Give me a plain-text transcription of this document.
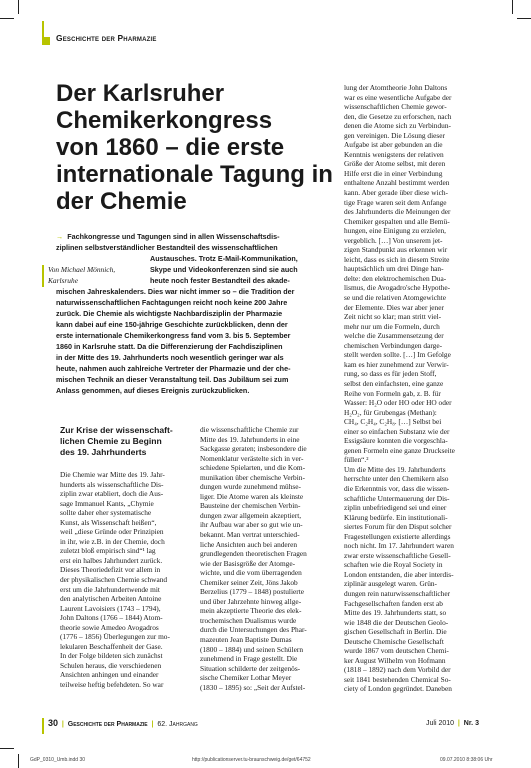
Geschichte der Pharmazie
Der Karlsruher
Chemikerkongress
von 1860 – die erste
internationale Tagung in
der Chemie
→ Fachkongresse und Tagungen sind in allen Wissenschaftsdis-
ziplinen selbstverständlicher Bestandteil des wissenschaftlichen
Austausches. Trotz E-Mail-Kommunikation,
Skype und Videokonferenzen sind sie auch
heute noch fester Bestandteil des akade-
mischen Jahreskalenders. Dies war nicht immer so – die Tradition der
naturwissenschaftlichen Fachtagungen reicht noch keine 200 Jahre
zurück. Die Chemie als wichtigste Nachbardisziplin der Pharmazie
kann dabei auf eine 150-jährige Geschichte zurückblicken, denn der
erste internationale Chemikerkongress fand vom 3. bis 5. September
1860 in Karlsruhe statt. Da die Differenzierung der Fachdisziplinen
in der Mitte des 19. Jahrhunderts noch wesentlich geringer war als
heute, nahmen auch zahlreiche Vertreter der Pharmazie und der che-
mischen Technik an dieser Veranstaltung teil. Das Jubiläum sei zum
Anlass genommen, auf dieses Ereignis zurückzublicken.
Von Michael Mönnich,
Karlsruhe
Zur Krise der wissenschaft-
lichen Chemie zu Beginn
des 19. Jahrhunderts
Die Chemie war Mitte des 19. Jahr-
hunderts als wissenschaftliche Dis-
ziplin zwar etabliert, doch die Aus-
sage Immanuel Kants, „Chymie
sollte daher eher systematische
Kunst, als Wissenschaft heißen“,
weil „diese Gründe oder Prinzipien
in ihr, wie z.B. in der Chemie, doch
zuletzt bloß empirisch sind“¹ lag
erst ein halbes Jahrhundert zurück.
Dieses Theoriedefizit vor allem in
der physikalischen Chemie schwand
erst um die Jahrhundertwende mit
den analytischen Arbeiten Antoine
Laurent Lavoisiers (1743 – 1794),
John Daltons (1766 – 1844) Atom-
theorie sowie Amedeo Avogadros
(1776 – 1856) Überlegungen zur mo-
lekularen Beschaffenheit der Gase.
In der Folge bildeten sich zunächst
Schulen heraus, die verschiedenen
Ansichten anhingen und einander
teilweise heftig befehdeten. So war
die wissenschaftliche Chemie zur
Mitte des 19. Jahrhunderts in eine
Sackgasse geraten; insbesondere die
Nomenklatur verästelte sich in ver-
schiedene Spielarten, und die Kom-
munikation über chemische Verbin-
dungen wurde zunehmend mühse-
liger. Die Atome waren als kleinste
Bausteine der chemischen Verbin-
dungen zwar allgemein akzeptiert,
ihr Aufbau war aber so gut wie un-
bekannt. Man vertrat unterschied-
liche Ansichten auch bei anderen
grundlegenden theoretischen Fragen
wie der Basisgröße der Atomge-
wichte, und die vom überragenden
Chemiker seiner Zeit, Jöns Jakob
Berzelius (1779 – 1848) postulierte
und über Jahrzehnte hinweg allge-
mein akzeptierte Theorie des elek-
trochemischen Dualismus wurde
durch die Untersuchungen des Phar-
mazeuten Jean Baptiste Dumas
(1800 – 1884) und seinen Schülern
zunehmend in Frage gestellt. Die
Situation schilderte der zeitgenös-
sische Chemiker Lothar Meyer
(1830 – 1895) so: „Seit der Aufstel-
lung der Atomtheorie John Daltons
war es eine wesentliche Aufgabe der
wissenschaftlichen Chemie gewor-
den, die Gesetze zu erforschen, nach
denen die Atome sich zu Verbindun-
gen vereinigen. Die Lösung dieser
Aufgabe ist aber gebunden an die
Kenntnis wenigstens der relativen
Größe der Atome selbst, mit deren
Hilfe erst die in einer Verbindung
enthaltene Anzahl bestimmt werden
kann. Aber gerade über diese wich-
tige Frage waren seit dem Anfange
des Jahrhunderts die Meinungen der
Chemiker gespalten und alle Bemü-
hungen, eine Einigung zu erzielen,
vergeblich. […] Von unserem jet-
zigen Standpunkt aus erkennen wir
leicht, dass es sich in diesem Streite
hauptsächlich um drei Dinge han-
delte: den elektrochemischen Dua-
lismus, die Avogadro'sche Hypothe-
se und die relativen Atomgewichte
der Elemente. Dies war aber jener
Zeit nicht so klar; man stritt viel-
mehr nur um die Formeln, durch
welche die Zusammensetzung der
chemischen Verbindungen darge-
stellt werden sollte. […] Im Gefolge
kam es hier zunehmend zur Verwir-
rung, so dass es für jeden Stoff,
selbst den einfachsten, eine ganze
Reihe von Formeln gab, z. B. für
Wasser: H₂O oder HO oder HO oder
H₂O₂, für Grubengas (Methan):
CH₄, C₂H₄, C₂H₈. […] Selbst bei
einer so einfachen Substanz wie der
Essigsäure konnten die vorgeschla-
genen Formeln eine ganze Druckseite
füllen“.²
Um die Mitte des 19. Jahrhunderts
herrschte unter den Chemikern also
die Erkenntnis vor, dass die wissen-
schaftliche Untermauerung der Dis-
ziplin unbefriedigend sei und einer
Klärung bedürfe. Ein institutionali-
siertes Forum für den Disput solcher
Fragestellungen existierte allerdings
noch nicht. Im 17. Jahrhundert waren
zwar erste wissenschaftliche Gesell-
schaften wie die Royal Society in
London entstanden, die aber interdis-
ziplinär ausgelegt waren. Grün-
dungen rein naturwissenschaftlicher
Fachgesellschaften fanden erst ab
Mitte des 19. Jahrhunderts statt, so
wie 1848 die der Deutschen Geolo-
gischen Gesellschaft in Berlin. Die
Deutsche Chemische Gesellschaft
wurde 1867 vom deutschen Chemi-
ker August Wilhelm von Hofmann
(1818 – 1892) nach dem Vorbild der
seit 1841 bestehenden Chemical So-
ciety of London gegründet. Daneben
30 | Geschichte der Pharmazie | 62. Jahrgang	Juli 2010 | Nr. 3
GdP_0310_Umb.indd 30	http://publicationserver.tu-braunschweig.de/get/64752	09.07.2010 8:38:06 Uhr
